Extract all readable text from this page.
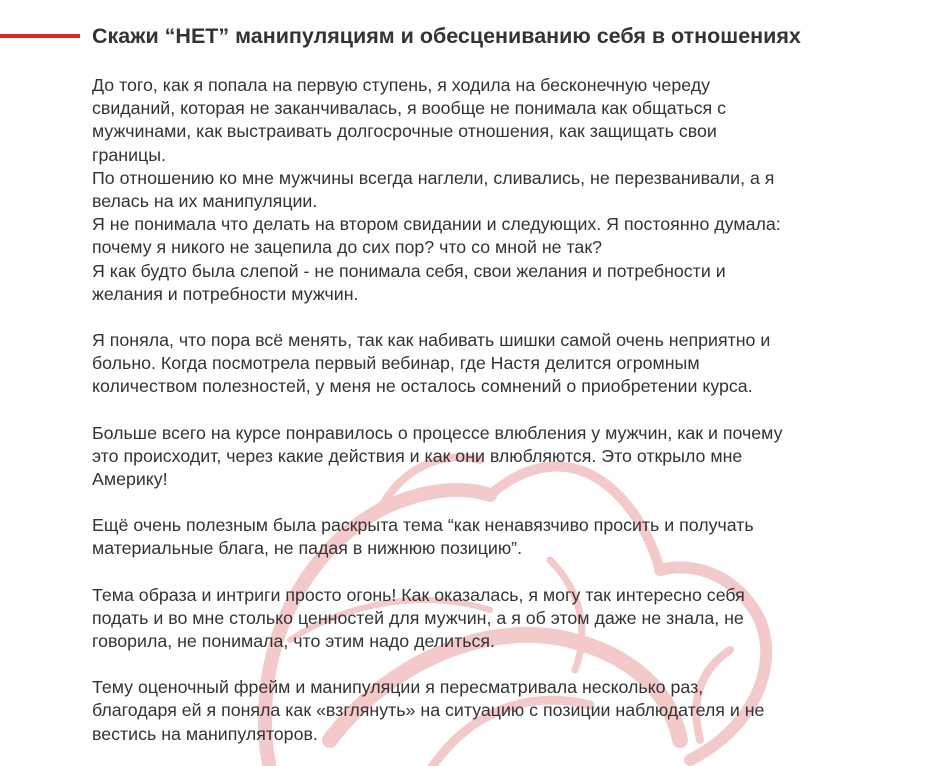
Скажи “НЕТ” манипуляциям и обесцениванию себя в отношениях
До того, как я попала на первую ступень, я ходила на бесконечную череду
свиданий, которая не заканчивалась, я вообще не понимала как общаться с
мужчинами, как выстраивать долгосрочные отношения, как защищать свои
границы.
По отношению ко мне мужчины всегда наглели, сливались, не перезванивали, а я
велась на их манипуляции.
Я не понимала что делать на втором свидании и следующих. Я постоянно думала:
почему я никого не зацепила до сих пор? что со мной не так?
Я как будто была слепой - не понимала себя, свои желания и потребности и
желания и потребности мужчин.
Я поняла, что пора всё менять, так как набивать шишки самой очень неприятно и
больно. Когда посмотрела первый вебинар, где Настя делится огромным
количеством полезностей, у меня не осталось сомнений о приобретении курса.
Больше всего на курсе понравилось о процессе влюбления у мужчин, как и почему
это происходит, через какие действия и как они влюбляются. Это открыло мне
Америку!
Ещё очень полезным была раскрыта тема “как ненавязчиво просить и получать
материальные блага, не падая в нижнюю позицию”.
Тема образа и интриги просто огонь! Как оказалась, я могу так интересно себя
подать и во мне столько ценностей для мужчин, а я об этом даже не знала, не
говорила, не понимала, что этим надо делиться.
Тему оценочный фрейм и манипуляции я пересматривала несколько раз,
благодаря ей я поняла как «взглянуть» на ситуацию с позиции наблюдателя и не
вестись на манипуляторов.
